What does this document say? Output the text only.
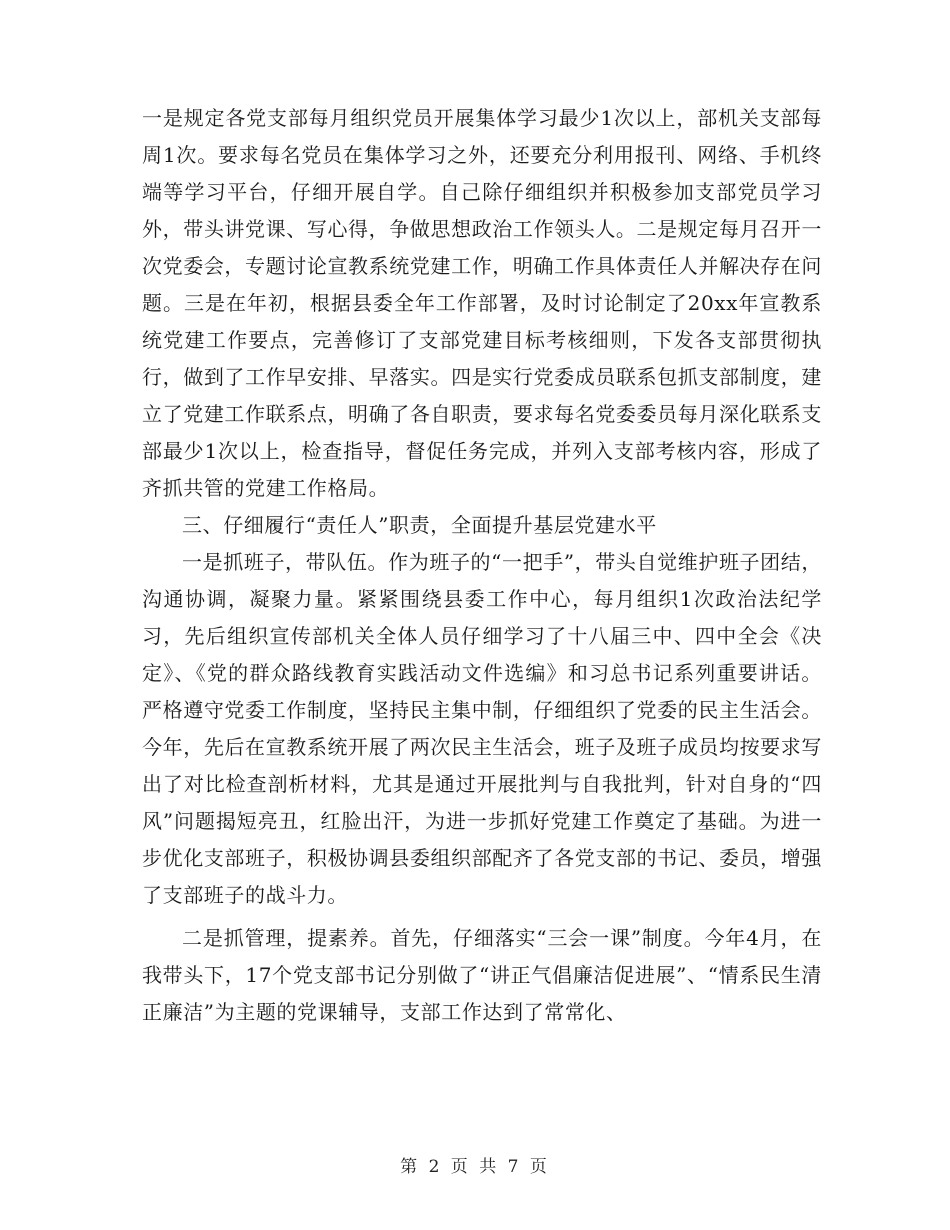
一是规定各党支部每月组织党员开展集体学习最少1次以上，部机关支部每周1次。要求每名党员在集体学习之外，还要充分利用报刊、网络、手机终端等学习平台，仔细开展自学。自己除仔细组织并积极参加支部党员学习外，带头讲党课、写心得，争做思想政治工作领头人。二是规定每月召开一次党委会，专题讨论宣教系统党建工作，明确工作具体责任人并解决存在问题。三是在年初，根据县委全年工作部署，及时讨论制定了20xx年宣教系统党建工作要点，完善修订了支部党建目标考核细则，下发各支部贯彻执行，做到了工作早安排、早落实。四是实行党委成员联系包抓支部制度，建立了党建工作联系点，明确了各自职责，要求每名党委委员每月深化联系支部最少1次以上，检查指导，督促任务完成，并列入支部考核内容，形成了齐抓共管的党建工作格局。

三、仔细履行“责任人”职责，全面提升基层党建水平

一是抓班子，带队伍。作为班子的“一把手”，带头自觉维护班子团结，沟通协调，凝聚力量。紧紧围绕县委工作中心，每月组织1次政治法纪学习，先后组织宣传部机关全体人员仔细学习了十八届三中、四中全会《决定》、《党的群众路线教育实践活动文件选编》和习总书记系列重要讲话。严格遵守党委工作制度，坚持民主集中制，仔细组织了党委的民主生活会。今年，先后在宣教系统开展了两次民主生活会，班子及班子成员均按要求写出了对比检查剖析材料，尤其是通过开展批判与自我批判，针对自身的“四风”问题揭短亮丑，红脸出汗，为进一步抓好党建工作奠定了基础。为进一步优化支部班子，积极协调县委组织部配齐了各党支部的书记、委员，增强了支部班子的战斗力。

二是抓管理，提素养。首先，仔细落实“三会一课”制度。今年4月，在我带头下，17个党支部书记分别做了“讲正气倡廉洁促进展”、“情系民生清正廉洁”为主题的党课辅导，支部工作达到了常常化、

第 2 页 共 7 页
